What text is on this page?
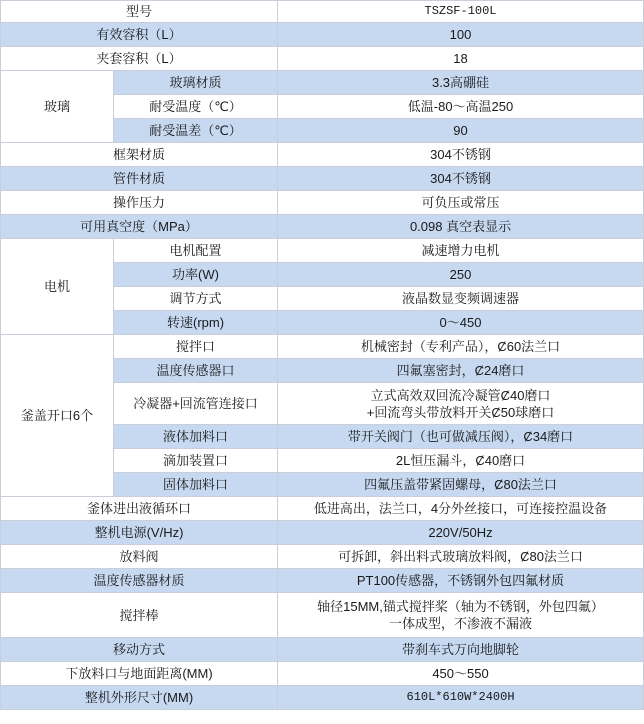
型号		TSZSF-100L
有效容积（L）		100
夹套容积（L）		18
玻璃	玻璃材质	3.3高硼硅
	耐受温度（℃）	低温-80～高温250
	耐受温差（℃）	90
框架材质		304不锈钢
管件材质		304不锈钢
操作压力		可负压或常压
可用真空度（MPa）		0.098 真空表显示
电机	电机配置	减速增力电机
	功率(W)	250
	调节方式	液晶数显变频调速器
	转速(rpm)	0～450
釜盖开口6个	搅拌口	机械密封（专利产品），Ȼ60法兰口
	温度传感器口	四氟塞密封，Ȼ24磨口
	冷凝器+回流管连接口	立式高效双回流冷凝管Ȼ40磨口
+回流弯头带放料开关Ȼ50球磨口

	液体加料口	带开关阀门（也可做减压阀），Ȼ34磨口
	滴加装置口	2L恒压漏斗，Ȼ40磨口
	固体加料口	四氟压盖带紧固螺母，Ȼ80法兰口
釜体进出液循环口		低进高出，法兰口，4分外丝接口，可连接控温设备
整机电源(V/Hz)		220V/50Hz
放料阀		可拆卸，斜出料式玻璃放料阀，Ȼ80法兰口
温度传感器材质		PT100传感器，不锈钢外包四氟材质
搅拌棒		轴径15MM,锚式搅拌桨（轴为不锈钢，外包四氟）
一体成型，不渗液不漏液

移动方式		带刹车式万向地脚轮
下放料口与地面距离(MM)		450～550
整机外形尺寸(MM)		610L*610W*2400H
